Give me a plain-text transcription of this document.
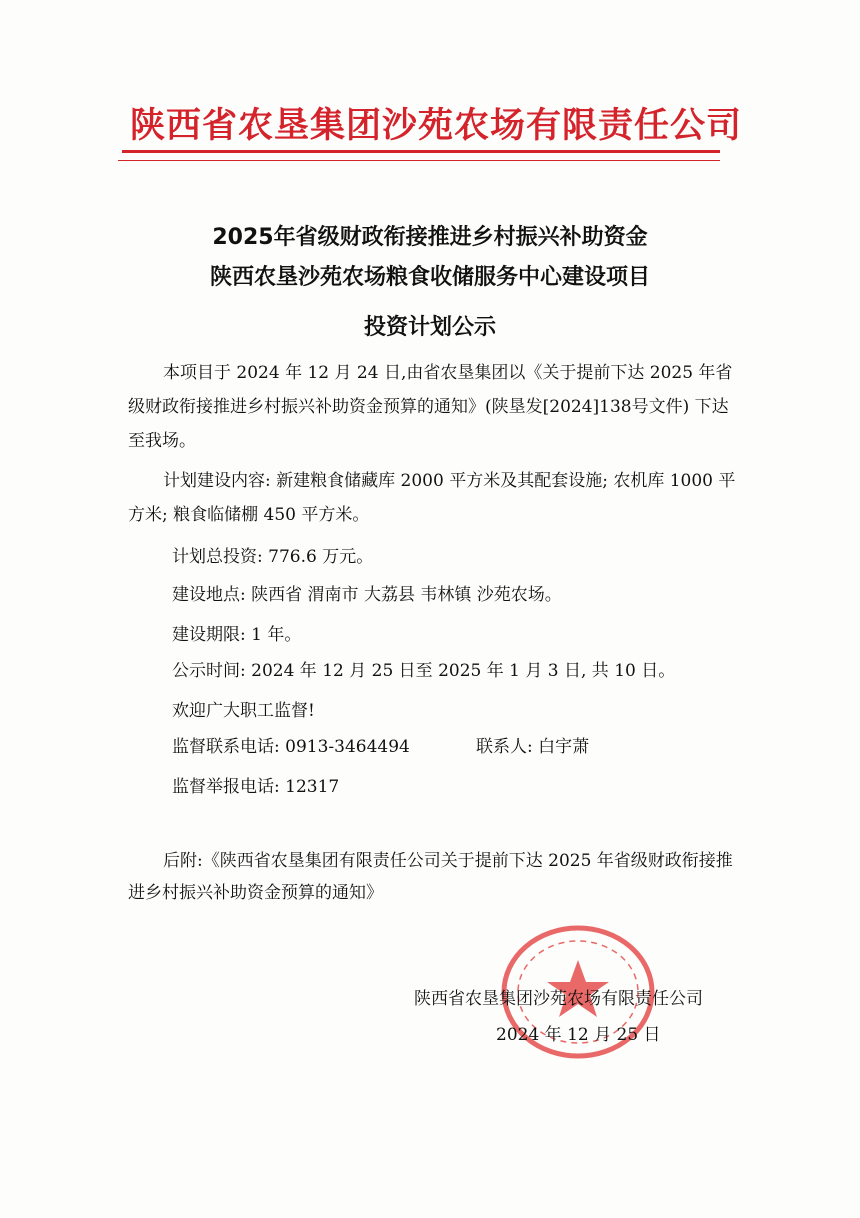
陕西省农垦集团沙苑农场有限责任公司
2025年省级财政衔接推进乡村振兴补助资金
陕西农垦沙苑农场粮食收储服务中心建设项目
投资计划公示
本项目于 2024 年 12 月 24 日,由省农垦集团以《关于提前下达 2025 年省级财政衔接推进乡村振兴补助资金预算的通知》(陕垦发[2024]138号文件) 下达至我场。
计划建设内容: 新建粮食储藏库 2000 平方米及其配套设施; 农机库 1000 平方米; 粮食临储棚 450 平方米。
计划总投资: 776.6 万元。
建设地点: 陕西省 渭南市 大荔县 韦林镇 沙苑农场。
建设期限: 1 年。
公示时间: 2024 年 12 月 25 日至 2025 年 1 月 3 日, 共 10 日。
欢迎广大职工监督!
监督联系电话: 0913-3464494	联系人: 白宇萧
监督举报电话: 12317
后附:《陕西省农垦集团有限责任公司关于提前下达 2025 年省级财政衔接推进乡村振兴补助资金预算的通知》
陕西省农垦集团沙苑农场有限责任公司
2024 年 12 月 25 日
